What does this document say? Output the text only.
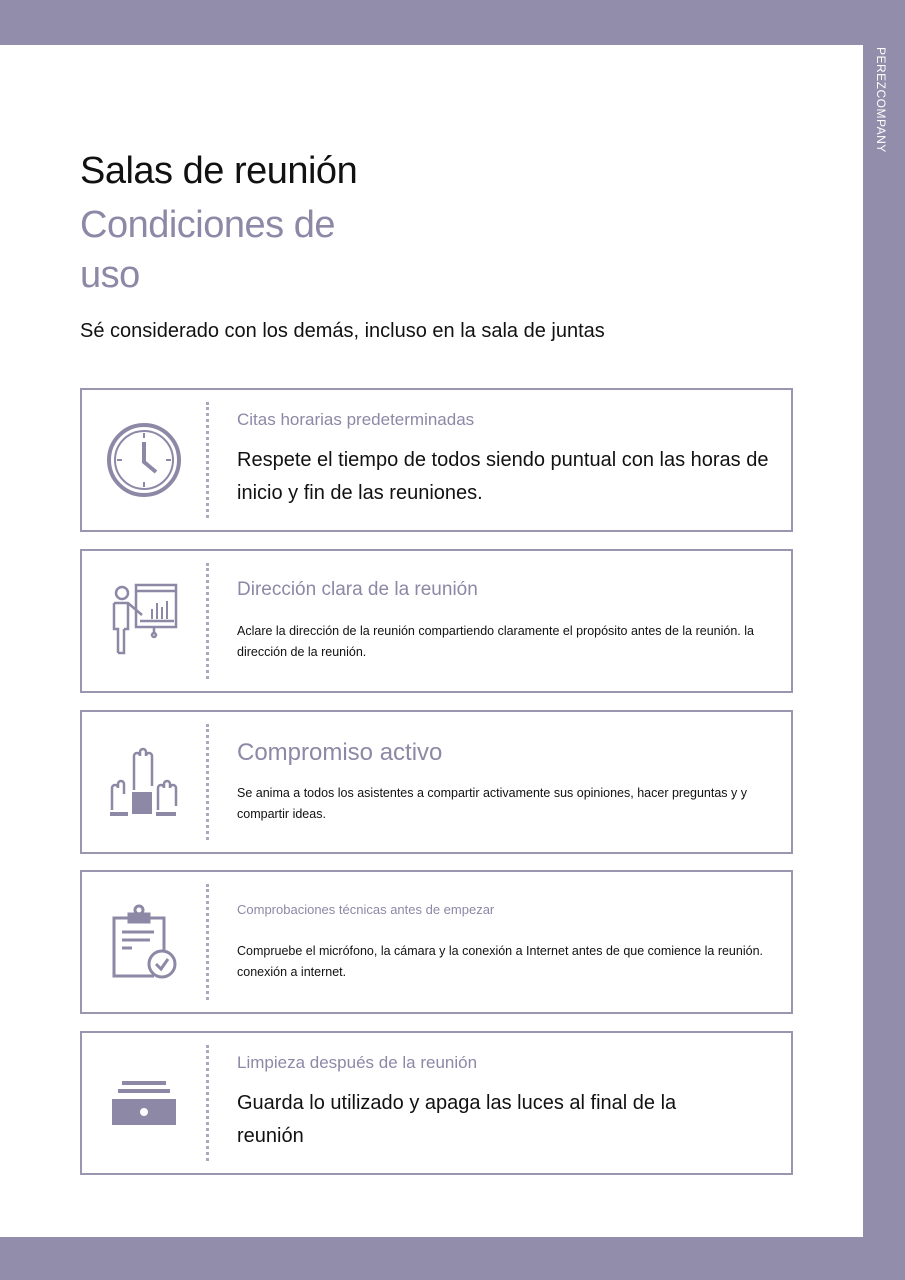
PEREZCOMPANY
Salas de reunión
Condiciones de uso
Sé considerado con los demás, incluso en la sala de juntas
Citas horarias predeterminadas
Respete el tiempo de todos siendo puntual con las horas de inicio y fin de las reuniones.
Dirección clara de la reunión
Aclare la dirección de la reunión compartiendo claramente el propósito antes de la reunión. la dirección de la reunión.
Compromiso activo
Se anima a todos los asistentes a compartir activamente sus opiniones, hacer preguntas y y compartir ideas.
Comprobaciones técnicas antes de empezar
Compruebe el micrófono, la cámara y la conexión a Internet antes de que comience la reunión. conexión a internet.
Limpieza después de la reunión
Guarda lo utilizado y apaga las luces al final de la reunión
